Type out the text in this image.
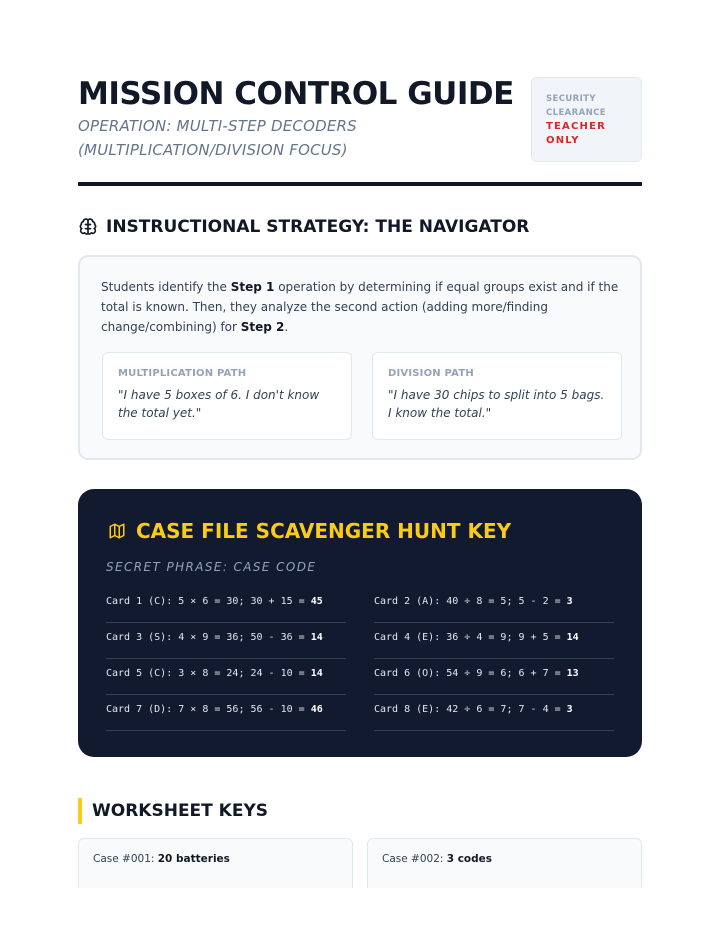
MISSION CONTROL GUIDE
OPERATION: MULTI-STEP DECODERS
(MULTIPLICATION/DIVISION FOCUS)
SECURITY CLEARANCE
TEACHER ONLY
INSTRUCTIONAL STRATEGY: THE NAVIGATOR
Students identify the Step 1 operation by determining if equal groups exist and if the total is known. Then, they analyze the second action (adding more/finding change/combining) for Step 2.
MULTIPLICATION PATH
"I have 5 boxes of 6. I don't know the total yet."
DIVISION PATH
"I have 30 chips to split into 5 bags. I know the total."
CASE FILE SCAVENGER HUNT KEY
SECRET PHRASE: CASE CODE
Card 1 (C): 5 × 6 = 30; 30 + 15 = 45	Card 2 (A): 40 ÷ 8 = 5; 5 - 2 = 3
Card 3 (S): 4 × 9 = 36; 50 - 36 = 14	Card 4 (E): 36 ÷ 4 = 9; 9 + 5 = 14
Card 5 (C): 3 × 8 = 24; 24 - 10 = 14	Card 6 (O): 54 ÷ 9 = 6; 6 + 7 = 13
Card 7 (D): 7 × 8 = 56; 56 - 10 = 46	Card 8 (E): 42 ÷ 6 = 7; 7 - 4 = 3
WORKSHEET KEYS
Case #001: 20 batteries	Case #002: 3 codes
